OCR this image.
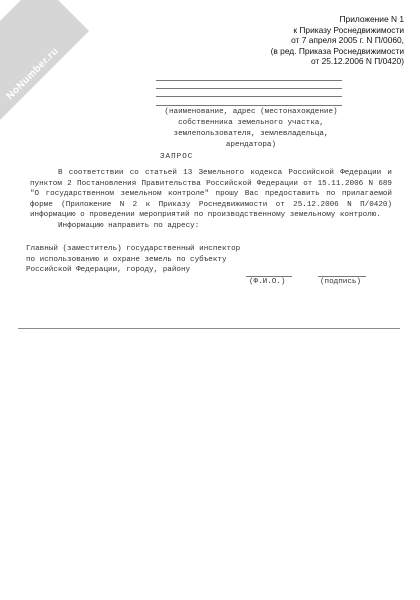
NoNumber.ru
Приложение N 1
к Приказу Роснедвижимости
от 7 апреля 2005 г. N П/0060,
(в ред. Приказа Роснедвижимости
от 25.12.2006 N П/0420)
(наименование, адрес (местонахождение)
собственника земельного участка,
землепользователя, землевладельца,
арендатора)
ЗАПРОС

В соответствии со статьей 13 Земельного кодекса Российской Федерации и пунктом 2 Постановления Правительства Российской Федерации от 15.11.2006 N 689 "О государственном земельном контроле" прошу Вас предоставить по прилагаемой форме (Приложение N 2 к Приказу Роснедвижимости от 25.12.2006 N П/0420) информацию о проведении мероприятий по производственному земельному контролю.

Информацию направить по адресу:

Главный (заместитель) государственный инспектор
по использованию и охране земель по субъекту
Российской Федерации, городу, району
(Ф.И.О.)	(подпись)
